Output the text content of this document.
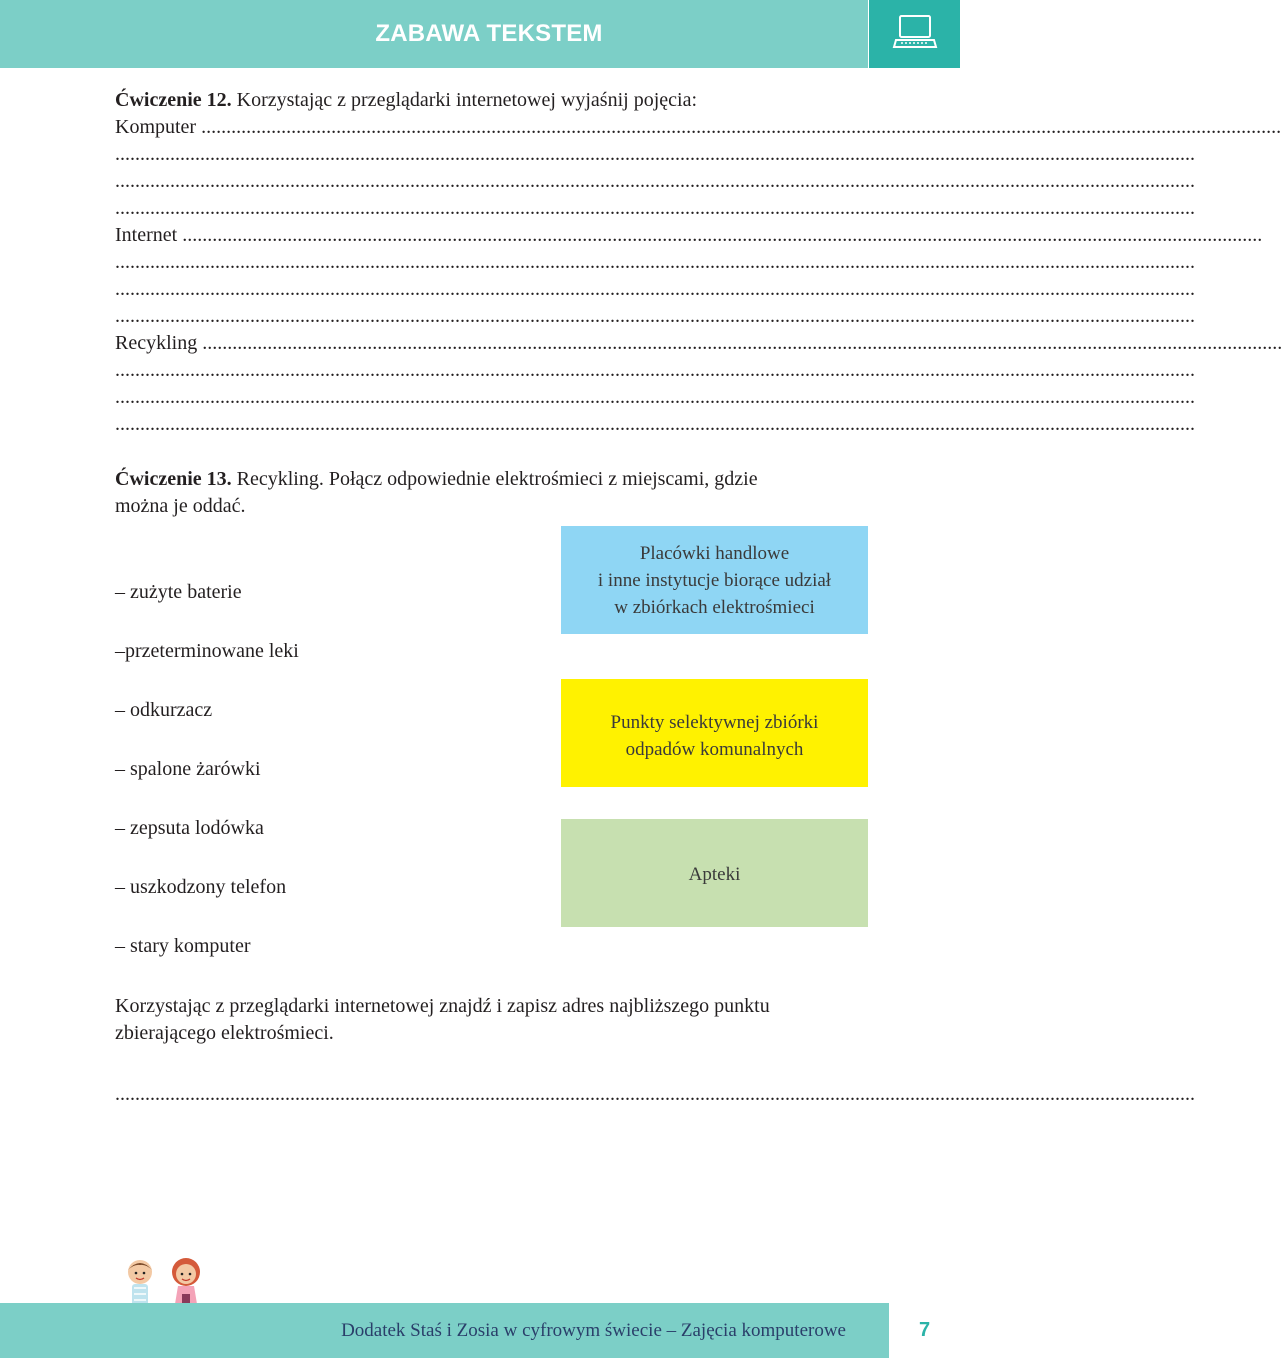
ZABAWA TEKSTEM
Ćwiczenie 12. Korzystając z przeglądarki internetowej wyjaśnij pojęcia:
Komputer
........................................................................................................................................................................................................................
........................................................................................................................................................................................................................
........................................................................................................................................................................................................................
........................................................................................................................................................................................................................
Internet
........................................................................................................................................................................................................................
........................................................................................................................................................................................................................
........................................................................................................................................................................................................................
........................................................................................................................................................................................................................
Recykling
........................................................................................................................................................................................................................
........................................................................................................................................................................................................................
........................................................................................................................................................................................................................
........................................................................................................................................................................................................................
Ćwiczenie 13. Recykling. Połącz odpowiednie elektrośmieci z miejscami, gdzie
można je oddać.
– zużyte baterie
–przeterminowane leki
– odkurzacz
– spalone żarówki
– zepsuta lodówka
– uszkodzony telefon
– stary komputer
Placówki handlowe
i inne instytucje biorące udział
w zbiórkach elektrośmieci
Punkty selektywnej zbiórki
odpadów komunalnych
Apteki
Korzystając z przeglądarki internetowej znajdź i zapisz adres najbliższego punktu
zbierającego elektrośmieci.
........................................................................................................................................................................................................................
Dodatek Staś i Zosia w cyfrowym świecie – Zajęcia komputerowe	7
